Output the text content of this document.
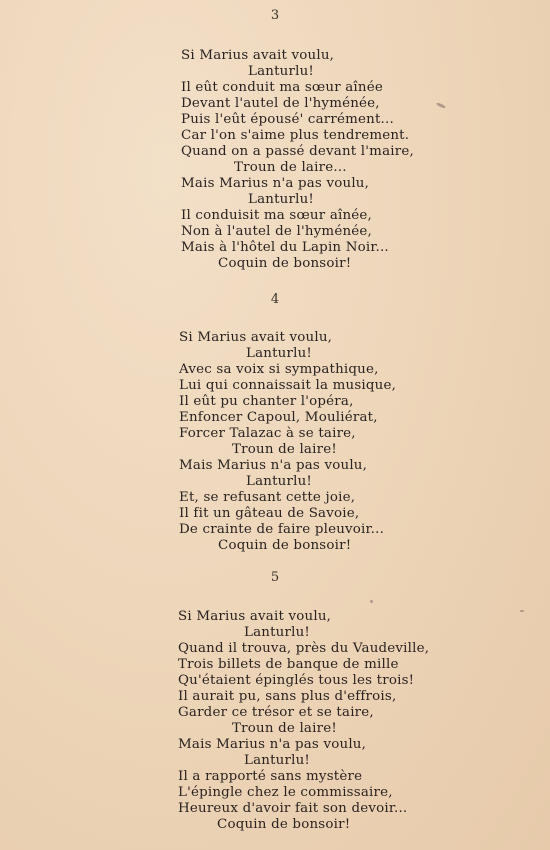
3
4
5
Si Marius avait voulu,
Lanturlu!
Il eût conduit ma sœur aînée
Devant l'autel de l'hyménée,
Puis l'eût épousé' carrément...
Car l'on s'aime plus tendrement.
Quand on a passé devant l'maire,
Troun de laire...
Mais Marius n'a pas voulu,
Lanturlu!
Il conduisit ma sœur aînée,
Non à l'autel de l'hyménée,
Mais à l'hôtel du Lapin Noir...
Coquin de bonsoir!
Si Marius avait voulu,
Lanturlu!
Avec sa voix si sympathique,
Lui qui connaissait la musique,
Il eût pu chanter l'opéra,
Enfoncer Capoul, Mouliérat,
Forcer Talazac à se taire,
Troun de laire!
Mais Marius n'a pas voulu,
Lanturlu!
Et, se refusant cette joie,
Il fit un gâteau de Savoie,
De crainte de faire pleuvoir...
Coquin de bonsoir!
Si Marius avait voulu,
Lanturlu!
Quand il trouva, près du Vaudeville,
Trois billets de banque de mille
Qu'étaient épinglés tous les trois!
Il aurait pu, sans plus d'effrois,
Garder ce trésor et se taire,
Troun de laire!
Mais Marius n'a pas voulu,
Lanturlu!
Il a rapporté sans mystère
L'épingle chez le commissaire,
Heureux d'avoir fait son devoir...
Coquin de bonsoir!
